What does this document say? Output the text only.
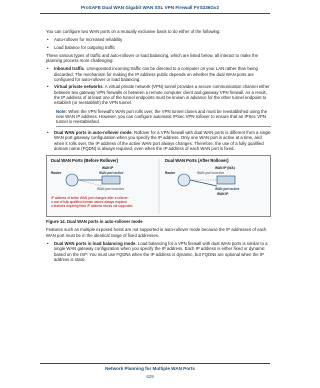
ProSAFE Dual WAN Gigabit WAN SSL VPN Firewall FVS336Gv2

You can configure two WAN ports on a mutually exclusive basis to do either of the following:

• Auto-rollover for increased reliability
• Load balance for outgoing traffic

These various types of traffic and auto-rollover or load balancing, which are listed below, all interact to make the planning process more challenging:

• Inbound traffic. Unrequested incoming traffic can be directed to a computer on your LAN rather than being discarded. The mechanism for making the IP address public depends on whether the dual WAN ports are configured for auto-rollover or load balancing.
• Virtual private networks. A virtual private network (VPN) tunnel provides a secure communication channel either between two gateway VPN firewalls or between a remote computer client and gateway VPN firewall. As a result, the IP address of at least one of the tunnel endpoints must be known in advance for the other tunnel endpoint to establish (or reestablish) the VPN tunnel.
Note: When the VPN firewall's WAN port rolls over, the VPN tunnel closes and must be reestablished using the new WAN IP address. However, you can configure automatic IPSec VPN rollover to ensure that an IPSec VPN tunnel is reestablished.
• Dual WAN ports in auto-rollover mode. Rollover for a VPN firewall with dual WAN ports is different from a single WAN port gateway configuration when you specify the IP address. Only one WAN port is active at a time, and when it rolls over, the IP address of the active WAN port always changes. Therefore, the use of a fully qualified domain name (FQDN) is always required, even when the IP address of each WAN port is fixed.
Dual WAN Ports (Before Rollover)	Dual WAN Ports (After Rollover)
WAN IP	WAN IP (N/A)
Router	Router
WAN port active	WAN port inactive
WAN port inactive	WAN port active
WAN IP
IP address of active WAN port changes after a rollover:
o use of fully qualified domain names always required
o features requiring fixed IP address blocks not supported
Figure 14. Dual WAN ports in auto-rollover mode

Features such as multiple exposed hosts are not supported in auto-rollover mode because the IP addresses of each WAN port must be in the identical range of fixed addresses.

• Dual WAN ports in load balancing mode. Load balancing for a VPN firewall with dual WAN ports is similar to a single WAN gateway configuration when you specify the IP address. Each IP address is either fixed or dynamic based on the ISP: You must use FQDNs when the IP address is dynamic, but FQDNs are optional when the IP address is static.
Network Planning for Multiple WAN Ports
629
